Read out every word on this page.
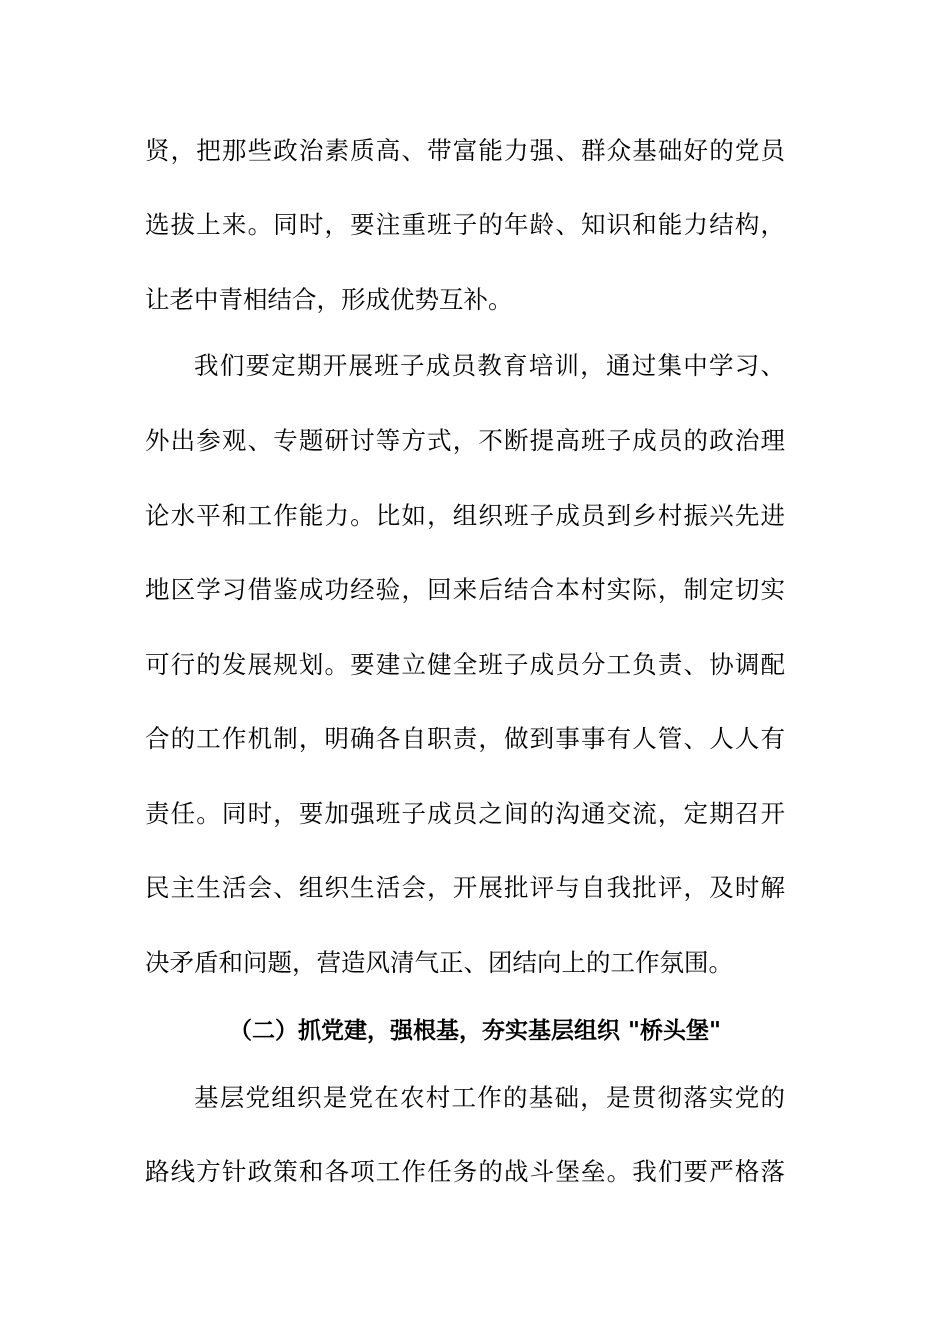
贤，把那些政治素质高、带富能力强、群众基础好的党员
选拔上来。同时，要注重班子的年龄、知识和能力结构，
让老中青相结合，形成优势互补。
我们要定期开展班子成员教育培训，通过集中学习、
外出参观、专题研讨等方式，不断提高班子成员的政治理
论水平和工作能力。比如，组织班子成员到乡村振兴先进
地区学习借鉴成功经验，回来后结合本村实际，制定切实
可行的发展规划。要建立健全班子成员分工负责、协调配
合的工作机制，明确各自职责，做到事事有人管、人人有
责任。同时，要加强班子成员之间的沟通交流，定期召开
民主生活会、组织生活会，开展批评与自我批评，及时解
决矛盾和问题，营造风清气正、团结向上的工作氛围。
（二）抓党建，强根基，夯实基层组织 "桥头堡"
基层党组织是党在农村工作的基础，是贯彻落实党的
路线方针政策和各项工作任务的战斗堡垒。我们要严格落
